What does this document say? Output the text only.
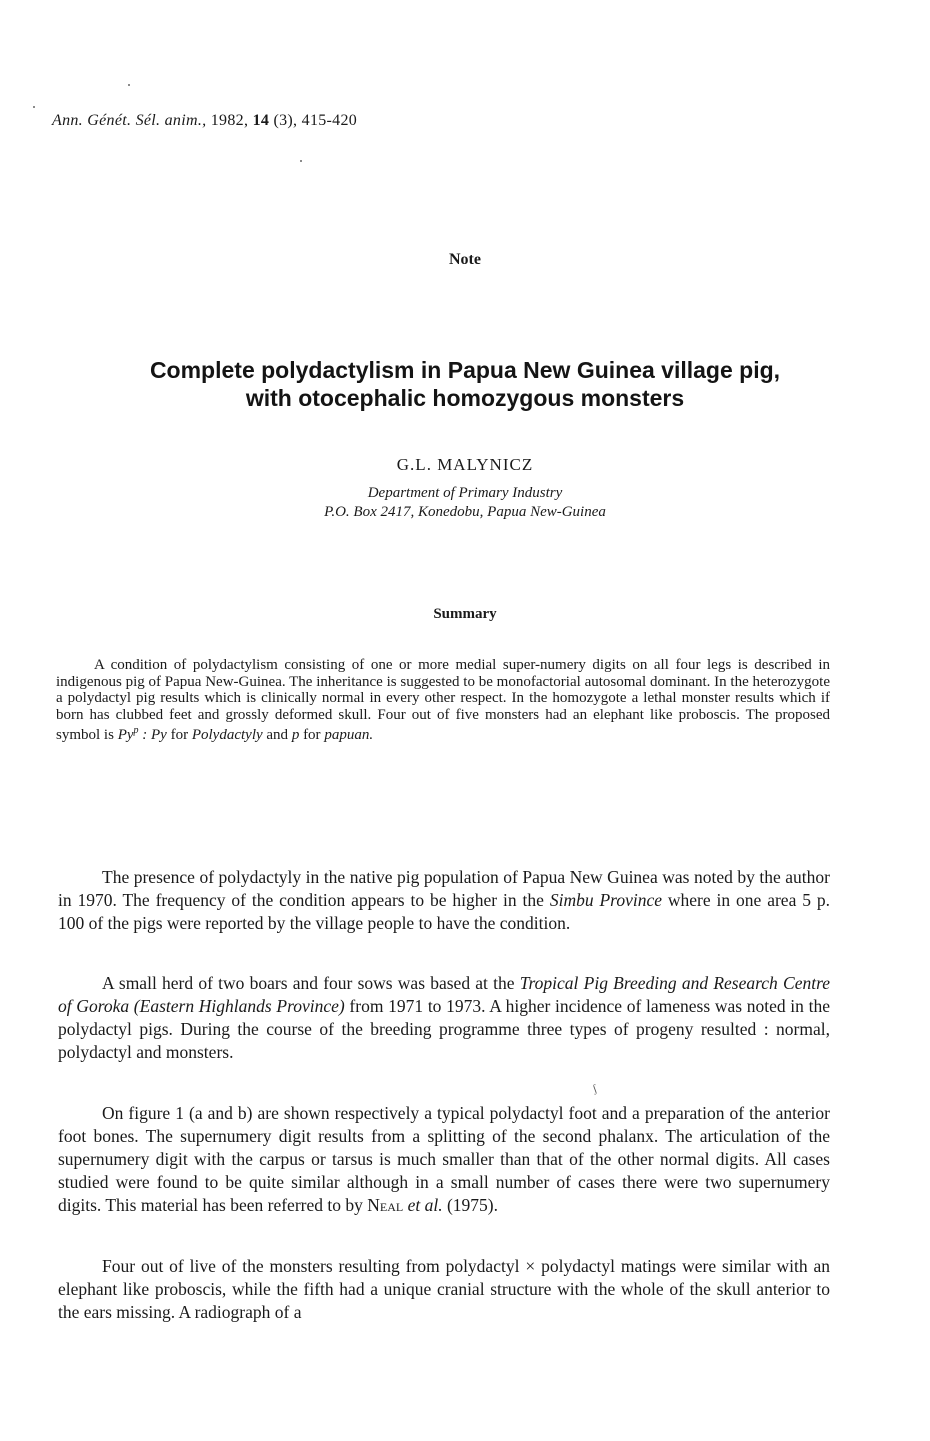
Ann. Génét. Sél. anim., 1982, 14 (3), 415-420
Note
Complete polydactylism in Papua New Guinea village pig,
with otocephalic homozygous monsters
G.L. MALYNICZ
Department of Primary Industry
P.O. Box 2417, Konedobu, Papua New-Guinea
Summary
A condition of polydactylism consisting of one or more medial super-numery digits on all four legs is described in indigenous pig of Papua New-Guinea. The inheritance is suggested to be monofactorial autosomal dominant. In the heterozygote a polydactyl pig results which is clinically normal in every other respect. In the homozygote a lethal monster results which if born has clubbed feet and grossly deformed skull. Four out of five monsters had an elephant like proboscis. The proposed symbol is Py$^p$ : Py for Polydactyly and p for papuan.
The presence of polydactyly in the native pig population of Papua New Guinea was noted by the author in 1970. The frequency of the condition appears to be higher in the Simbu Province where in one area 5 p. 100 of the pigs were reported by the village people to have the condition.
A small herd of two boars and four sows was based at the Tropical Pig Breeding and Research Centre of Goroka (Eastern Highlands Province) from 1971 to 1973. A higher incidence of lameness was noted in the polydactyl pigs. During the course of the breeding programme three types of progeny resulted : normal, polydactyl and monsters.
ʃ
On figure 1 (a and b) are shown respectively a typical polydactyl foot and a preparation of the anterior foot bones. The supernumery digit results from a splitting of the second phalanx. The articulation of the supernumery digit with the carpus or tarsus is much smaller than that of the other normal digits. All cases studied were found to be quite similar although in a small number of cases there were two supernumery digits. This material has been referred to by Neal et al. (1975).
Four out of live of the monsters resulting from polydactyl × polydactyl matings were similar with an elephant like proboscis, while the fifth had a unique cranial structure with the whole of the skull anterior to the ears missing. A radiograph of a
